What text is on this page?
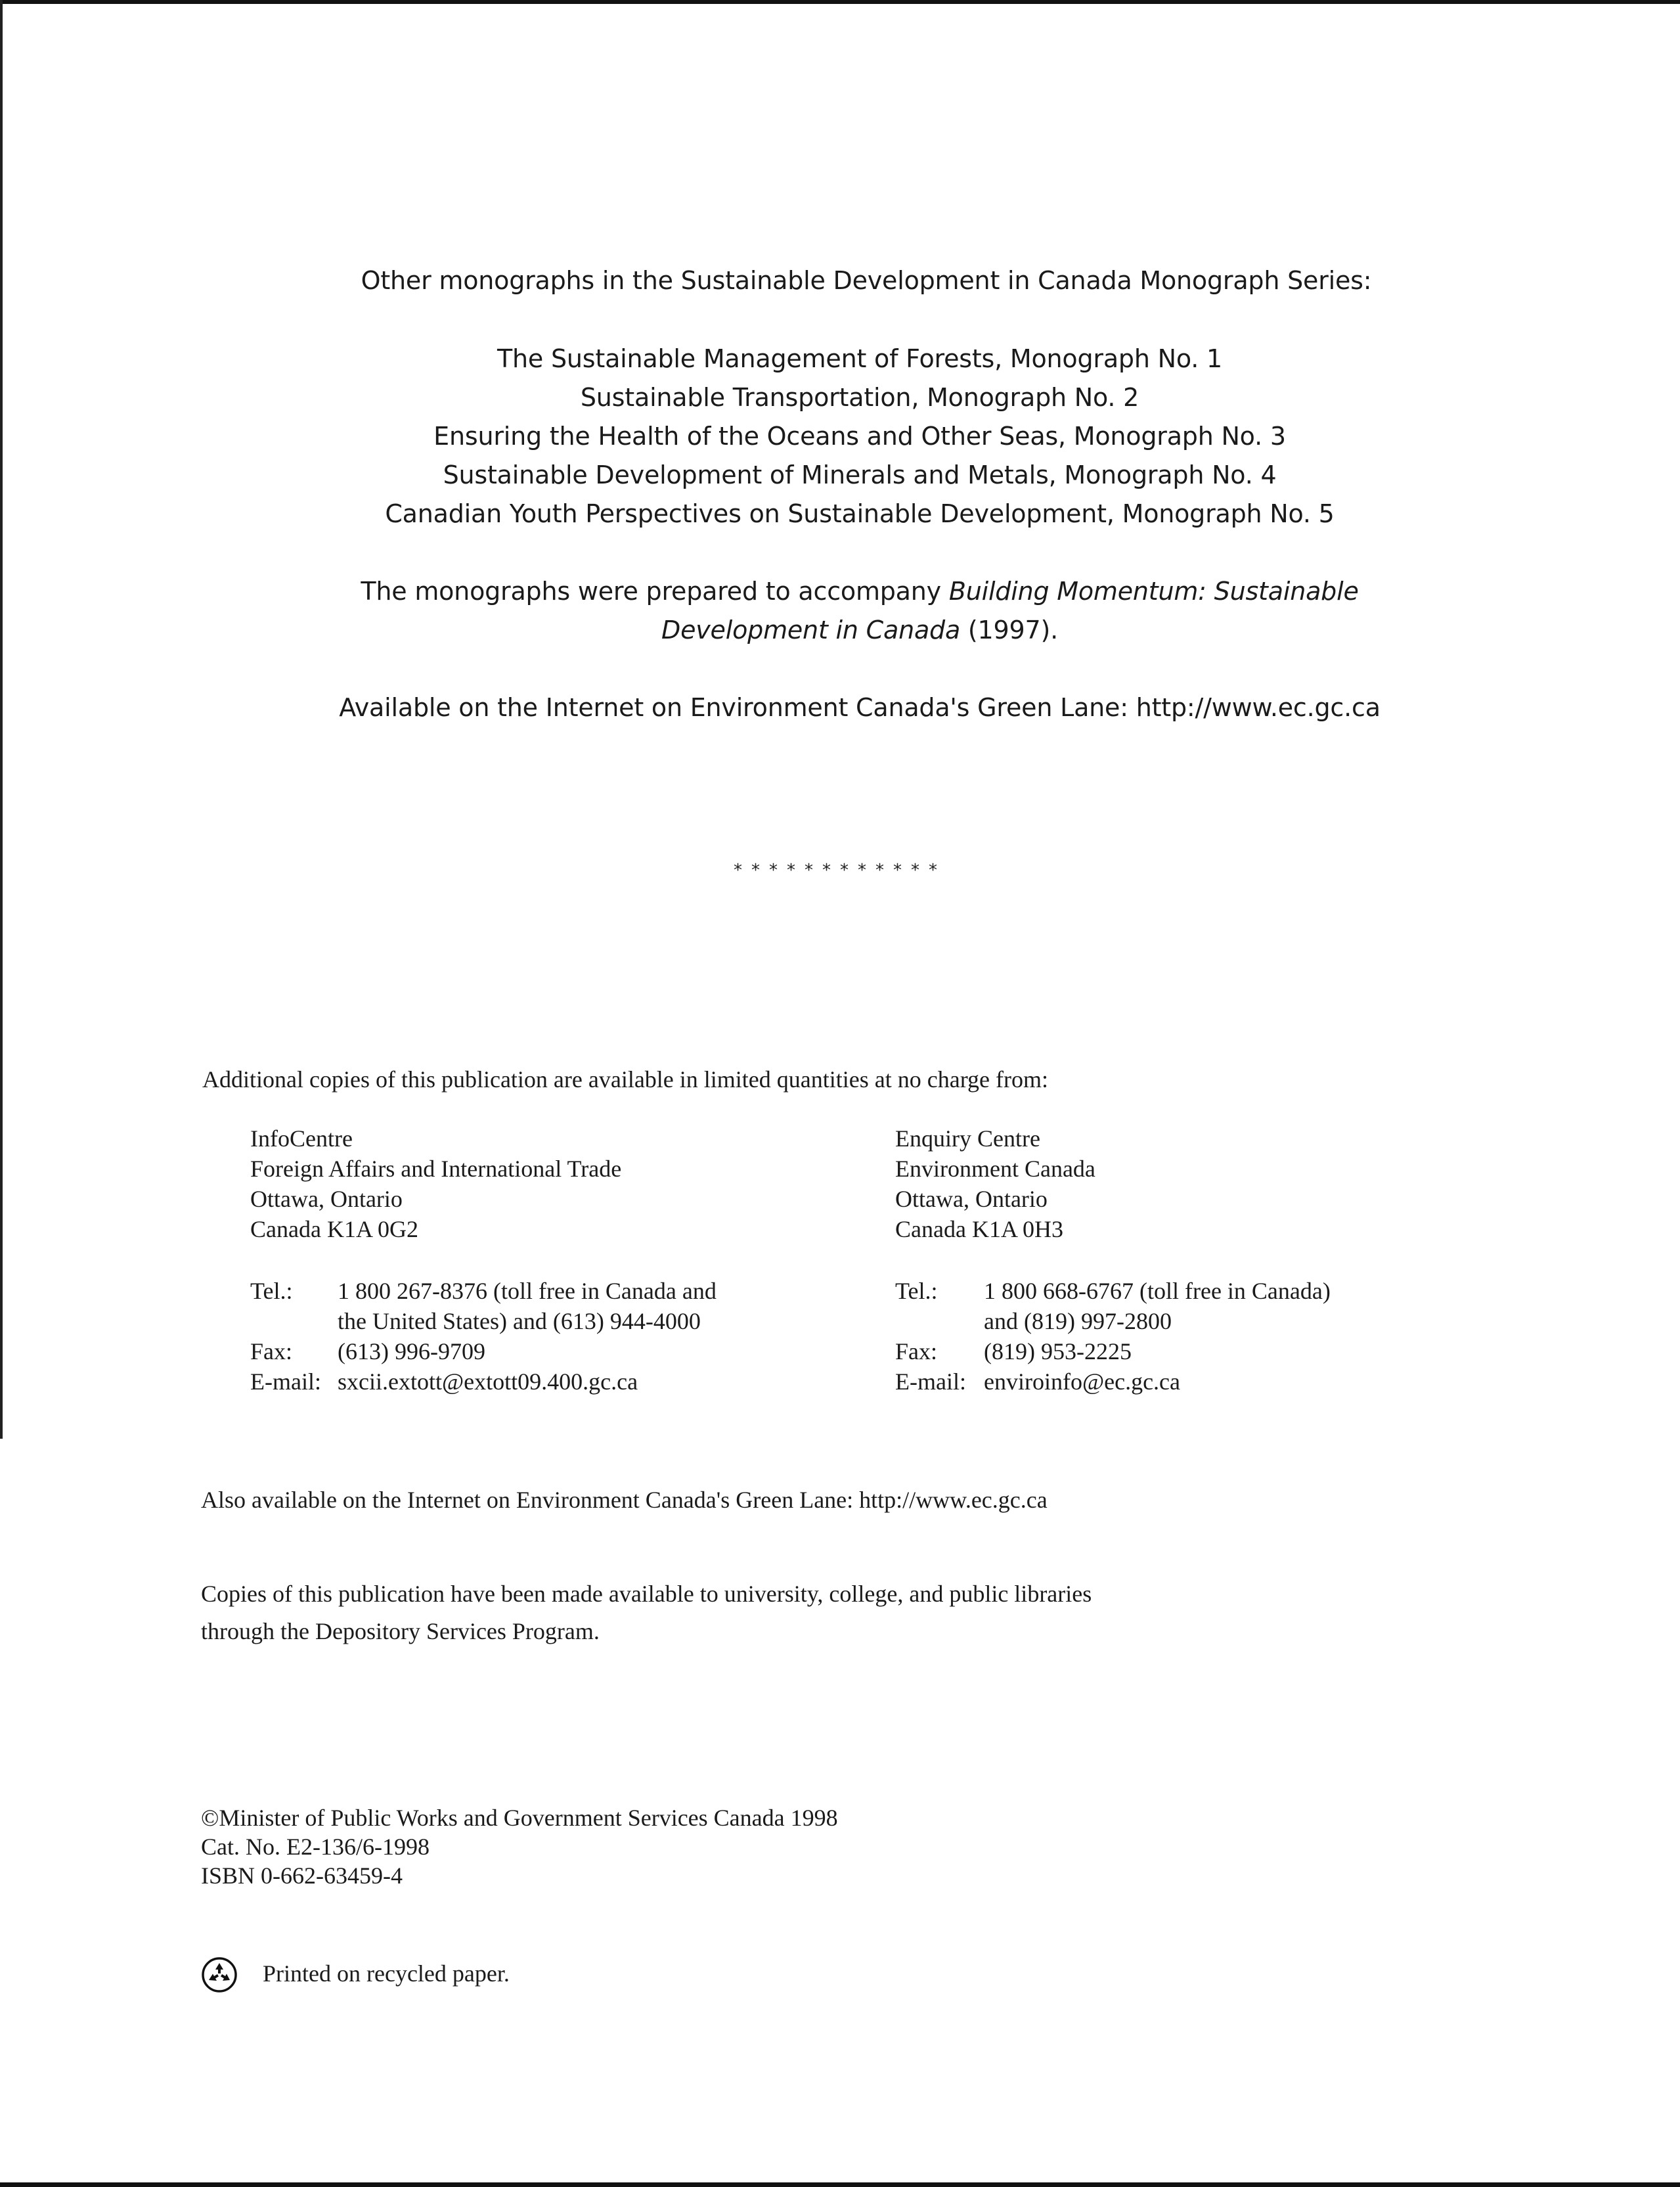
Other monographs in the Sustainable Development in Canada Monograph Series:
The Sustainable Management of Forests, Monograph No. 1
Sustainable Transportation, Monograph No. 2
Ensuring the Health of the Oceans and Other Seas, Monograph No. 3
Sustainable Development of Minerals and Metals, Monograph No. 4
Canadian Youth Perspectives on Sustainable Development, Monograph No. 5
The monographs were prepared to accompany Building Momentum: Sustainable
Development in Canada (1997).
Available on the Internet on Environment Canada's Green Lane: http://www.ec.gc.ca
************
Additional copies of this publication are available in limited quantities at no charge from:
InfoCentre
Foreign Affairs and International Trade
Ottawa, Ontario
Canada K1A 0G2
Tel.: 1 800 267-8376 (toll free in Canada and
the United States) and (613) 944-4000
Fax: (613) 996-9709
E-mail: sxcii.extott@extott09.400.gc.ca
Enquiry Centre
Environment Canada
Ottawa, Ontario
Canada K1A 0H3
Tel.: 1 800 668-6767 (toll free in Canada)
and (819) 997-2800
Fax: (819) 953-2225
E-mail: enviroinfo@ec.gc.ca
Also available on the Internet on Environment Canada's Green Lane: http://www.ec.gc.ca
Copies of this publication have been made available to university, college, and public libraries
through the Depository Services Program.
©Minister of Public Works and Government Services Canada 1998
Cat. No. E2-136/6-1998
ISBN 0-662-63459-4
Printed on recycled paper.
